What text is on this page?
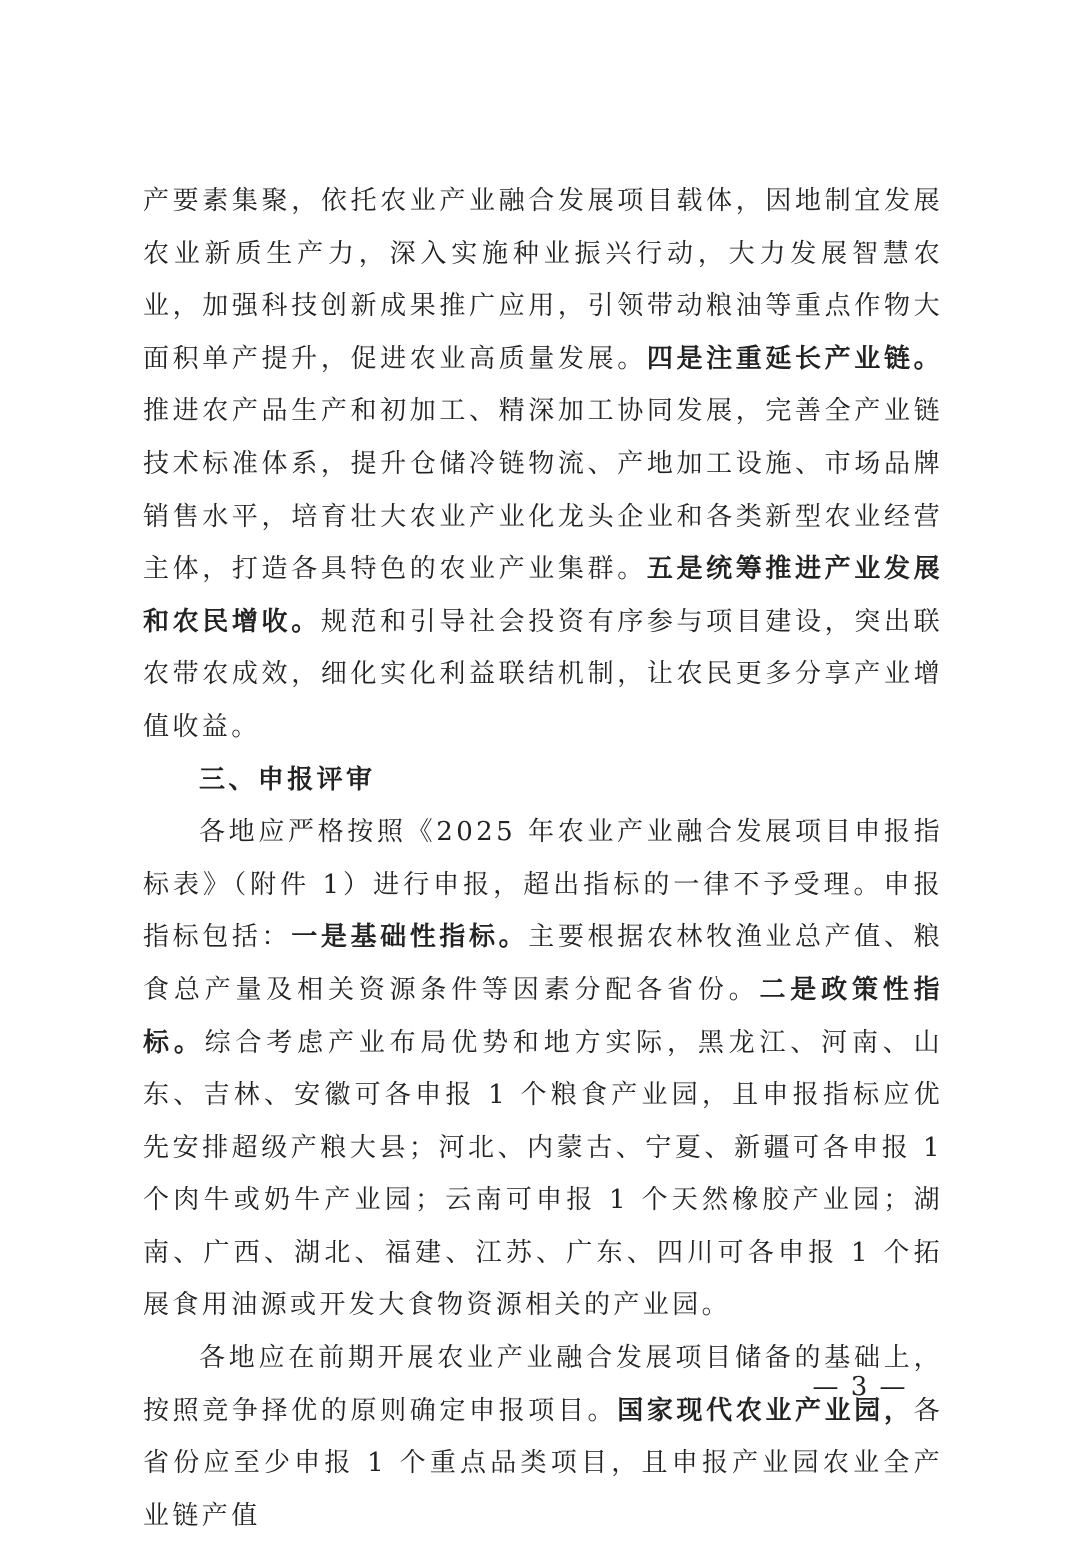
产要素集聚，依托农业产业融合发展项目载体，因地制宜发展农业新质生产力，深入实施种业振兴行动，大力发展智慧农业，加强科技创新成果推广应用，引领带动粮油等重点作物大面积单产提升，促进农业高质量发展。四是注重延长产业链。推进农产品生产和初加工、精深加工协同发展，完善全产业链技术标准体系，提升仓储冷链物流、产地加工设施、市场品牌销售水平，培育壮大农业产业化龙头企业和各类新型农业经营主体，打造各具特色的农业产业集群。五是统筹推进产业发展和农民增收。规范和引导社会投资有序参与项目建设，突出联农带农成效，细化实化利益联结机制，让农民更多分享产业增值收益。

三、申报评审

各地应严格按照《2025 年农业产业融合发展项目申报指标表》（附件 1）进行申报，超出指标的一律不予受理。申报指标包括：一是基础性指标。主要根据农林牧渔业总产值、粮食总产量及相关资源条件等因素分配各省份。二是政策性指标。综合考虑产业布局优势和地方实际，黑龙江、河南、山东、吉林、安徽可各申报 1 个粮食产业园，且申报指标应优先安排超级产粮大县；河北、内蒙古、宁夏、新疆可各申报 1 个肉牛或奶牛产业园；云南可申报 1 个天然橡胶产业园；湖南、广西、湖北、福建、江苏、广东、四川可各申报 1 个拓展食用油源或开发大食物资源相关的产业园。

各地应在前期开展农业产业融合发展项目储备的基础上，按照竞争择优的原则确定申报项目。国家现代农业产业园，各省份应至少申报 1 个重点品类项目，且申报产业园农业全产业链产值

— 3 —
